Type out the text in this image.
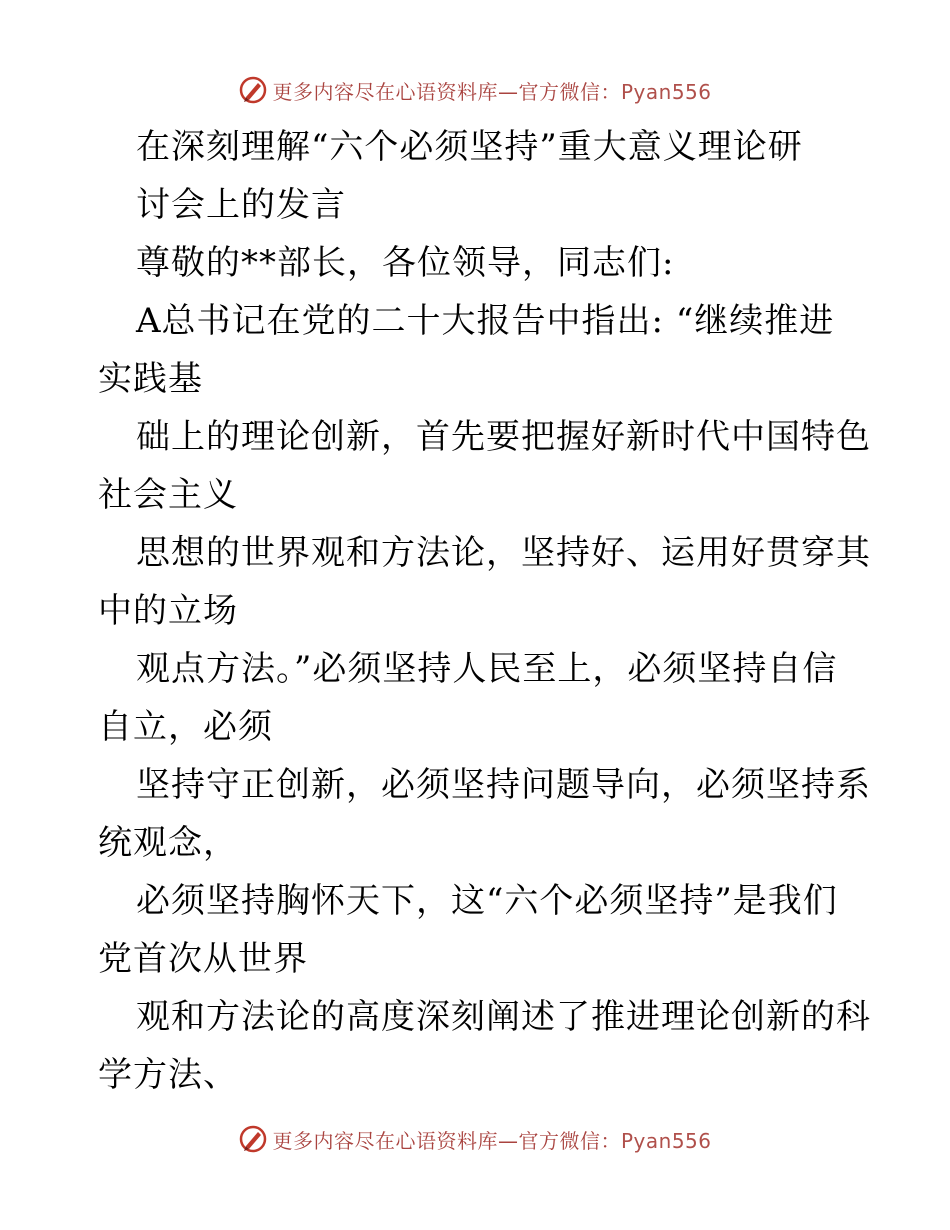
更多内容尽在心语资料库—官方微信：Pyan556
在深刻理解“六个必须坚持”重大意义理论研
讨会上的发言
尊敬的**部长，各位领导，同志们:
A总书记在党的二十大报告中指出: “继续推进
实践基
础上的理论创新，首先要把握好新时代中国特色
社会主义
思想的世界观和方法论，坚持好、运用好贯穿其
中的立场
观点方法。”必须坚持人民至上，必须坚持自信
自立，必须
坚持守正创新，必须坚持问题导向，必须坚持系
统观念，
必须坚持胸怀天下，这“六个必须坚持”是我们
党首次从世界
观和方法论的高度深刻阐述了推进理论创新的科
学方法、
更多内容尽在心语资料库—官方微信：Pyan556
